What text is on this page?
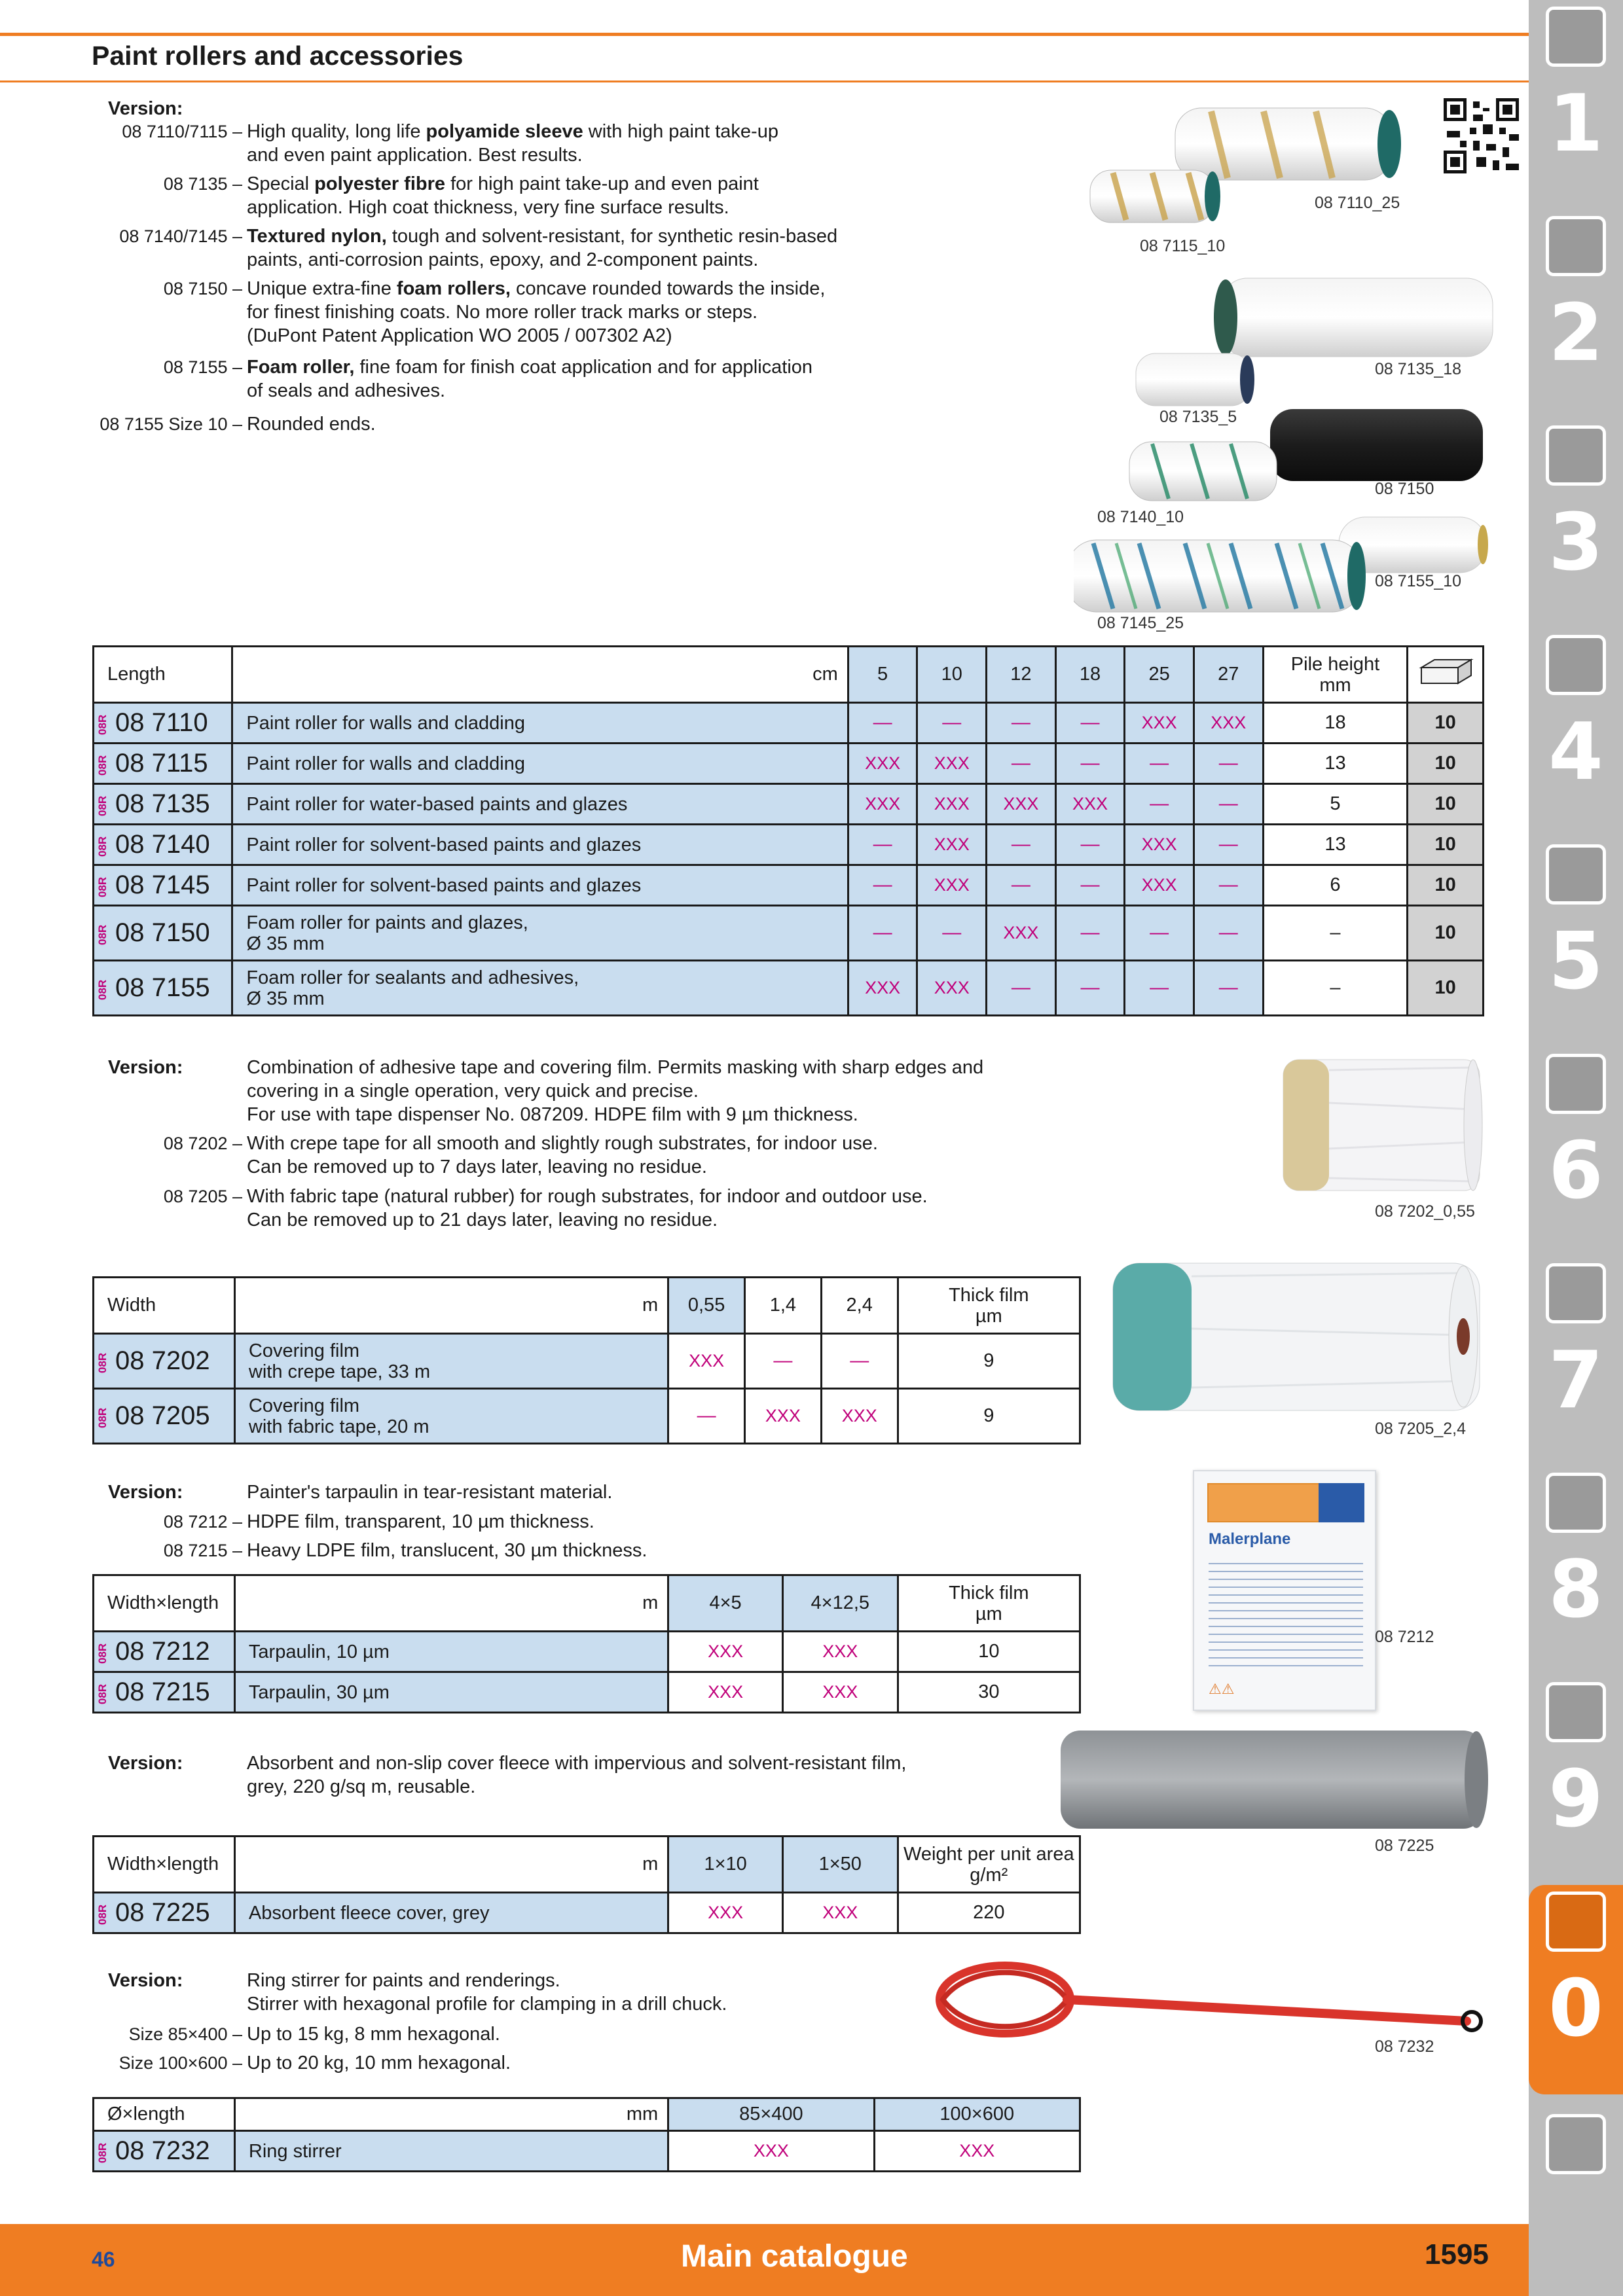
Paint rollers and accessories
1
2
3
4
5
6
7
8
9
0
Version:
08 7110/7115 – High quality, long life polyamide sleeve with high paint take-up
and even paint application. Best results.
08 7135 – Special polyester fibre for high paint take-up and even paint
application. High coat thickness, very fine surface results.
08 7140/7145 – Textured nylon, tough and solvent-resistant, for synthetic resin-based
paints, anti-corrosion paints, epoxy, and 2-component paints.
08 7150 – Unique extra-fine foam rollers, concave rounded towards the inside,
for finest finishing coats. No more roller track marks or steps.
(DuPont Patent Application WO 2005 / 007302 A2)
08 7155 – Foam roller, fine foam for finish coat application and for application
of seals and adhesives.
08 7155 Size 10 – Rounded ends.
08 7110_25
08 7115_10
08 7135_18
08 7135_5
08 7150
08 7140_10
08 7155_10
08 7145_25
Length	cm	5	10	12	18	25	27	Pile height
mm

08R 08 7110	Paint roller for walls and cladding	—	—	—	—	XXX	XXX	18	10
08R 08 7115	Paint roller for walls and cladding	XXX	XXX	—	—	—	—	13	10
08R 08 7135	Paint roller for water-based paints and glazes	XXX	XXX	XXX	XXX	—	—	5	10
08R 08 7140	Paint roller for solvent-based paints and glazes	—	XXX	—	—	XXX	—	13	10
08R 08 7145	Paint roller for solvent-based paints and glazes	—	XXX	—	—	XXX	—	6	10
08R 08 7150	Foam roller for paints and glazes,
Ø 35 mm	—	—	XXX	—	—	—	–	10
08R 08 7155	Foam roller for sealants and adhesives,
Ø 35 mm	XXX	XXX	—	—	—	—	–	10
Version:	Combination of adhesive tape and covering film. Permits masking with sharp edges and
covering in a single operation, very quick and precise.
For use with tape dispenser No. 087209. HDPE film with 9 µm thickness.
08 7202 – With crepe tape for all smooth and slightly rough substrates, for indoor use.
Can be removed up to 7 days later, leaving no residue.
08 7205 – With fabric tape (natural rubber) for rough substrates, for indoor and outdoor use.
Can be removed up to 21 days later, leaving no residue.	08 7202_0,55
08 7205_2,4
Width	m	0,55	1,4	2,4	Thick film
µm

08R 08 7202	Covering film
with crepe tape, 33 m	XXX	—	—	9
08R 08 7205	Covering film
with fabric tape, 20 m	—	XXX	XXX	9
Version:	Painter's tarpaulin in tear-resistant material.
08 7212 – HDPE film, transparent, 10 µm thickness.
08 7215 – Heavy LDPE film, translucent, 30 µm thickness.
Malerplane
⚠⚠
08 7212
Width×length	m	4×5	4×12,5	Thick film
µm

08R 08 7212	Tarpaulin, 10 µm	XXX	XXX	10
08R 08 7215	Tarpaulin, 30 µm	XXX	XXX	30
Version:	Absorbent and non-slip cover fleece with impervious and solvent-resistant film,
grey, 220 g/sq m, reusable.
08 7225
Width×length	m	1×10	1×50	Weight per unit area
g/m²

08R 08 7225	Absorbent fleece cover, grey	XXX	XXX	220
Version:	Ring stirrer for paints and renderings.
Stirrer with hexagonal profile for clamping in a drill chuck.
Size 85×400 – Up to 15 kg, 8 mm hexagonal.
Size 100×600 – Up to 20 kg, 10 mm hexagonal.
08 7232
Ø×length	mm	85×400	100×600
08R 08 7232	Ring stirrer	XXX	XXX
46	Main catalogue	1595
